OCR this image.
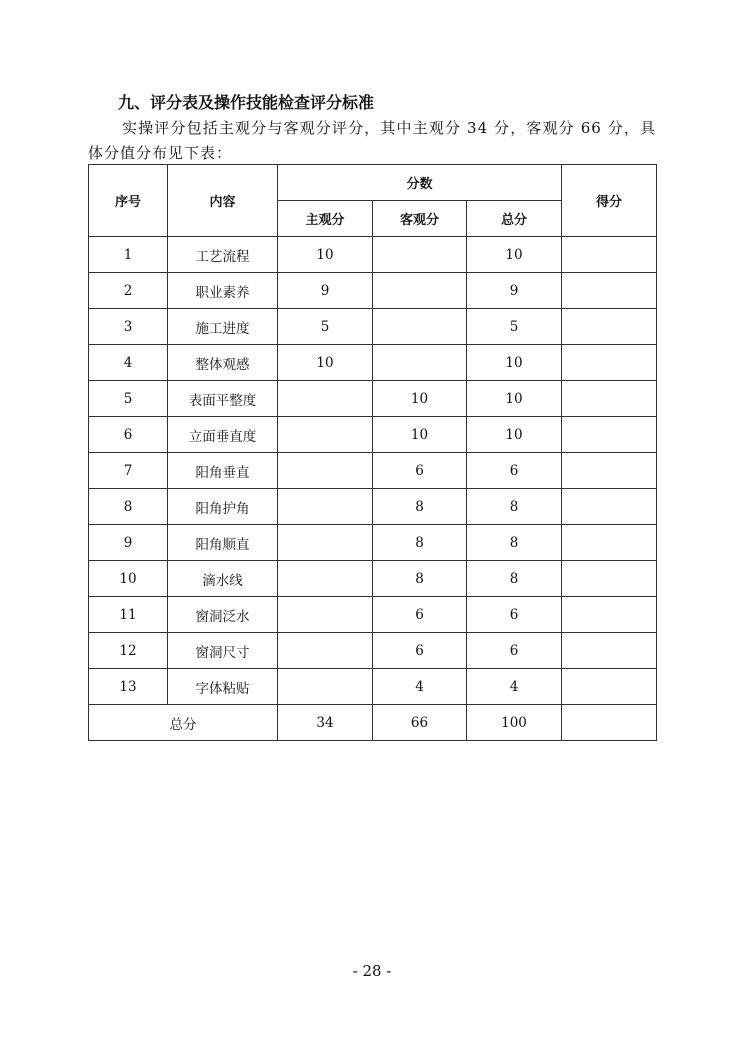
九、评分表及操作技能检查评分标准

实操评分包括主观分与客观分评分，其中主观分 34 分，客观分 66 分，具体分值分布见下表：

序号	内容	分数			得分
		主观分	客观分	总分	
1	工艺流程	10		10	
2	职业素养	9		9	
3	施工进度	5		5	
4	整体观感	10		10	
5	表面平整度		10	10	
6	立面垂直度		10	10	
7	阳角垂直		6	6	
8	阳角护角		8	8	
9	阳角顺直		8	8	
10	滴水线		8	8	
11	窗洞泛水		6	6	
12	窗洞尺寸		6	6	
13	字体粘贴		4	4	
总分		34	66	100	
- 28 -
